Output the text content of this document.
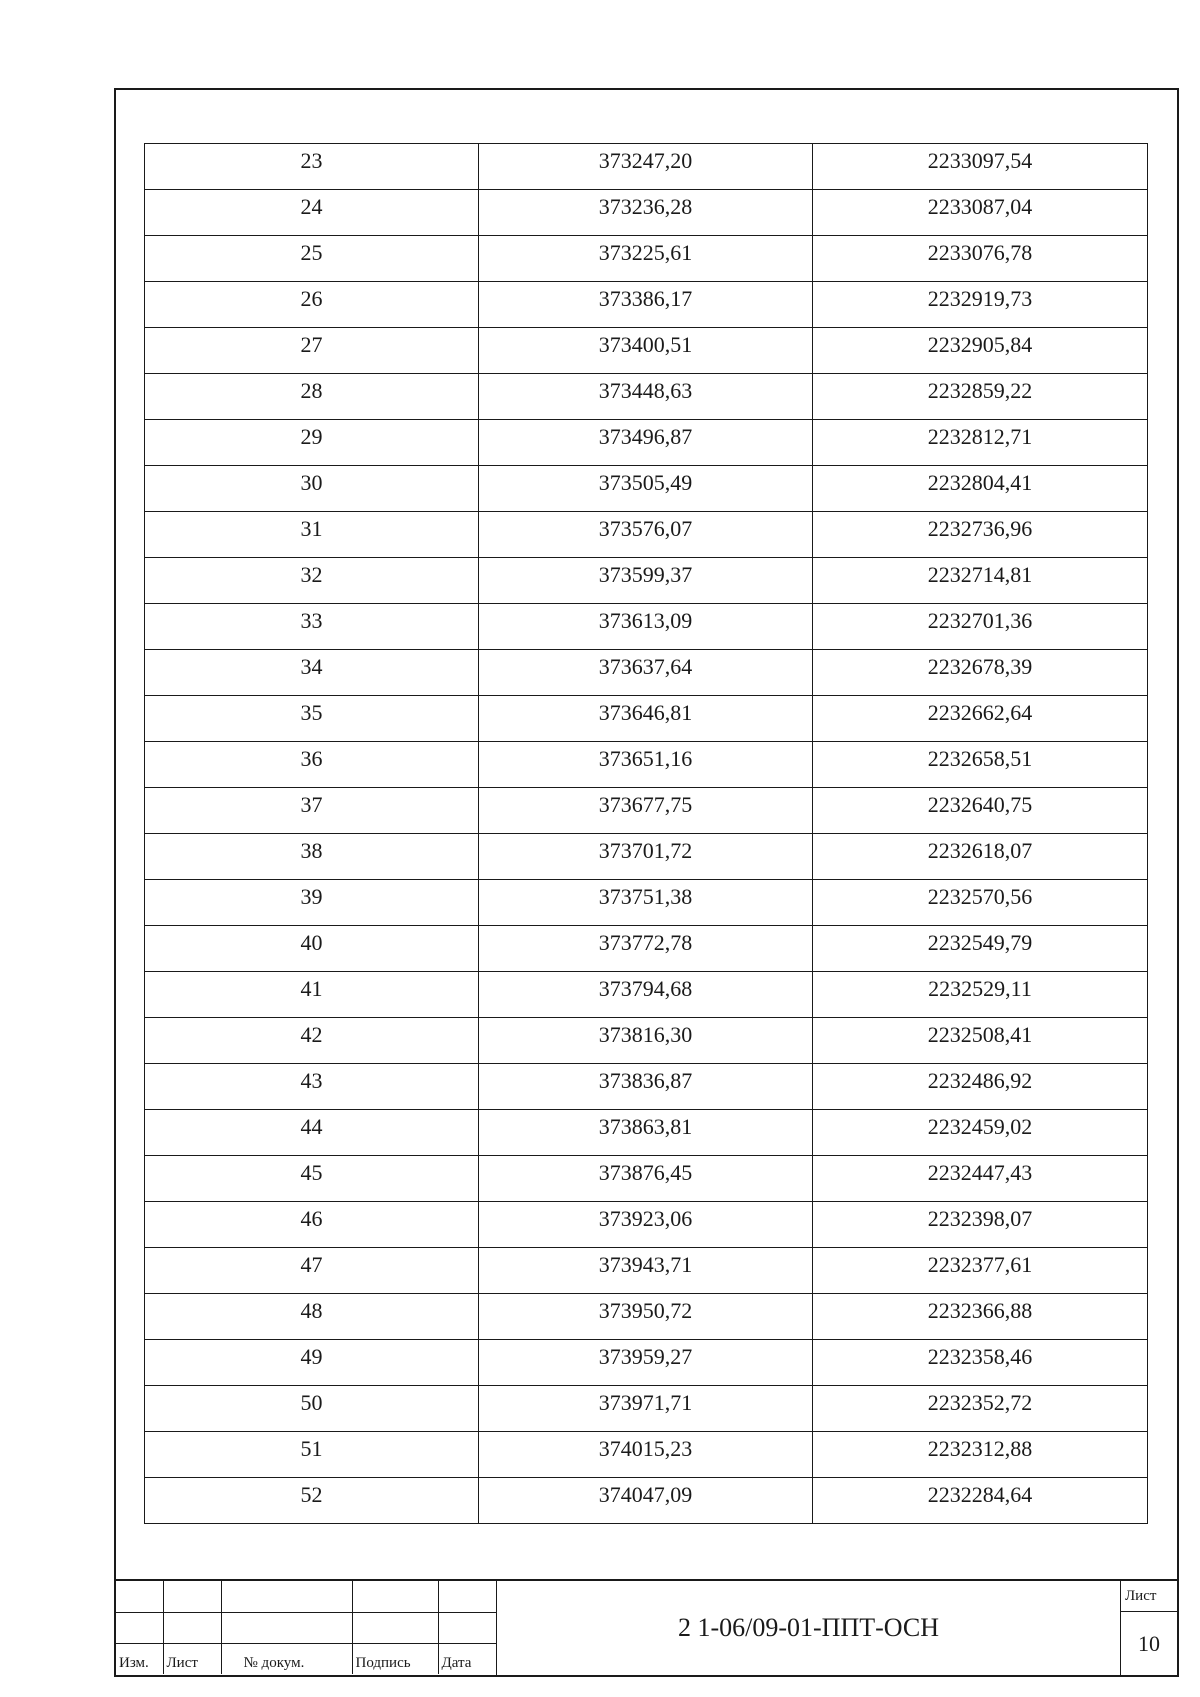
23	373247,20	2233097,54
24	373236,28	2233087,04
25	373225,61	2233076,78
26	373386,17	2232919,73
27	373400,51	2232905,84
28	373448,63	2232859,22
29	373496,87	2232812,71
30	373505,49	2232804,41
31	373576,07	2232736,96
32	373599,37	2232714,81
33	373613,09	2232701,36
34	373637,64	2232678,39
35	373646,81	2232662,64
36	373651,16	2232658,51
37	373677,75	2232640,75
38	373701,72	2232618,07
39	373751,38	2232570,56
40	373772,78	2232549,79
41	373794,68	2232529,11
42	373816,30	2232508,41
43	373836,87	2232486,92
44	373863,81	2232459,02
45	373876,45	2232447,43
46	373923,06	2232398,07
47	373943,71	2232377,61
48	373950,72	2232366,88
49	373959,27	2232358,46
50	373971,71	2232352,72
51	374015,23	2232312,88
52	374047,09	2232284,64

Изм.	Лист	№ докум.	Подпись	Дата
2 1-06/09-01-ППТ-ОСН
Лист
10
